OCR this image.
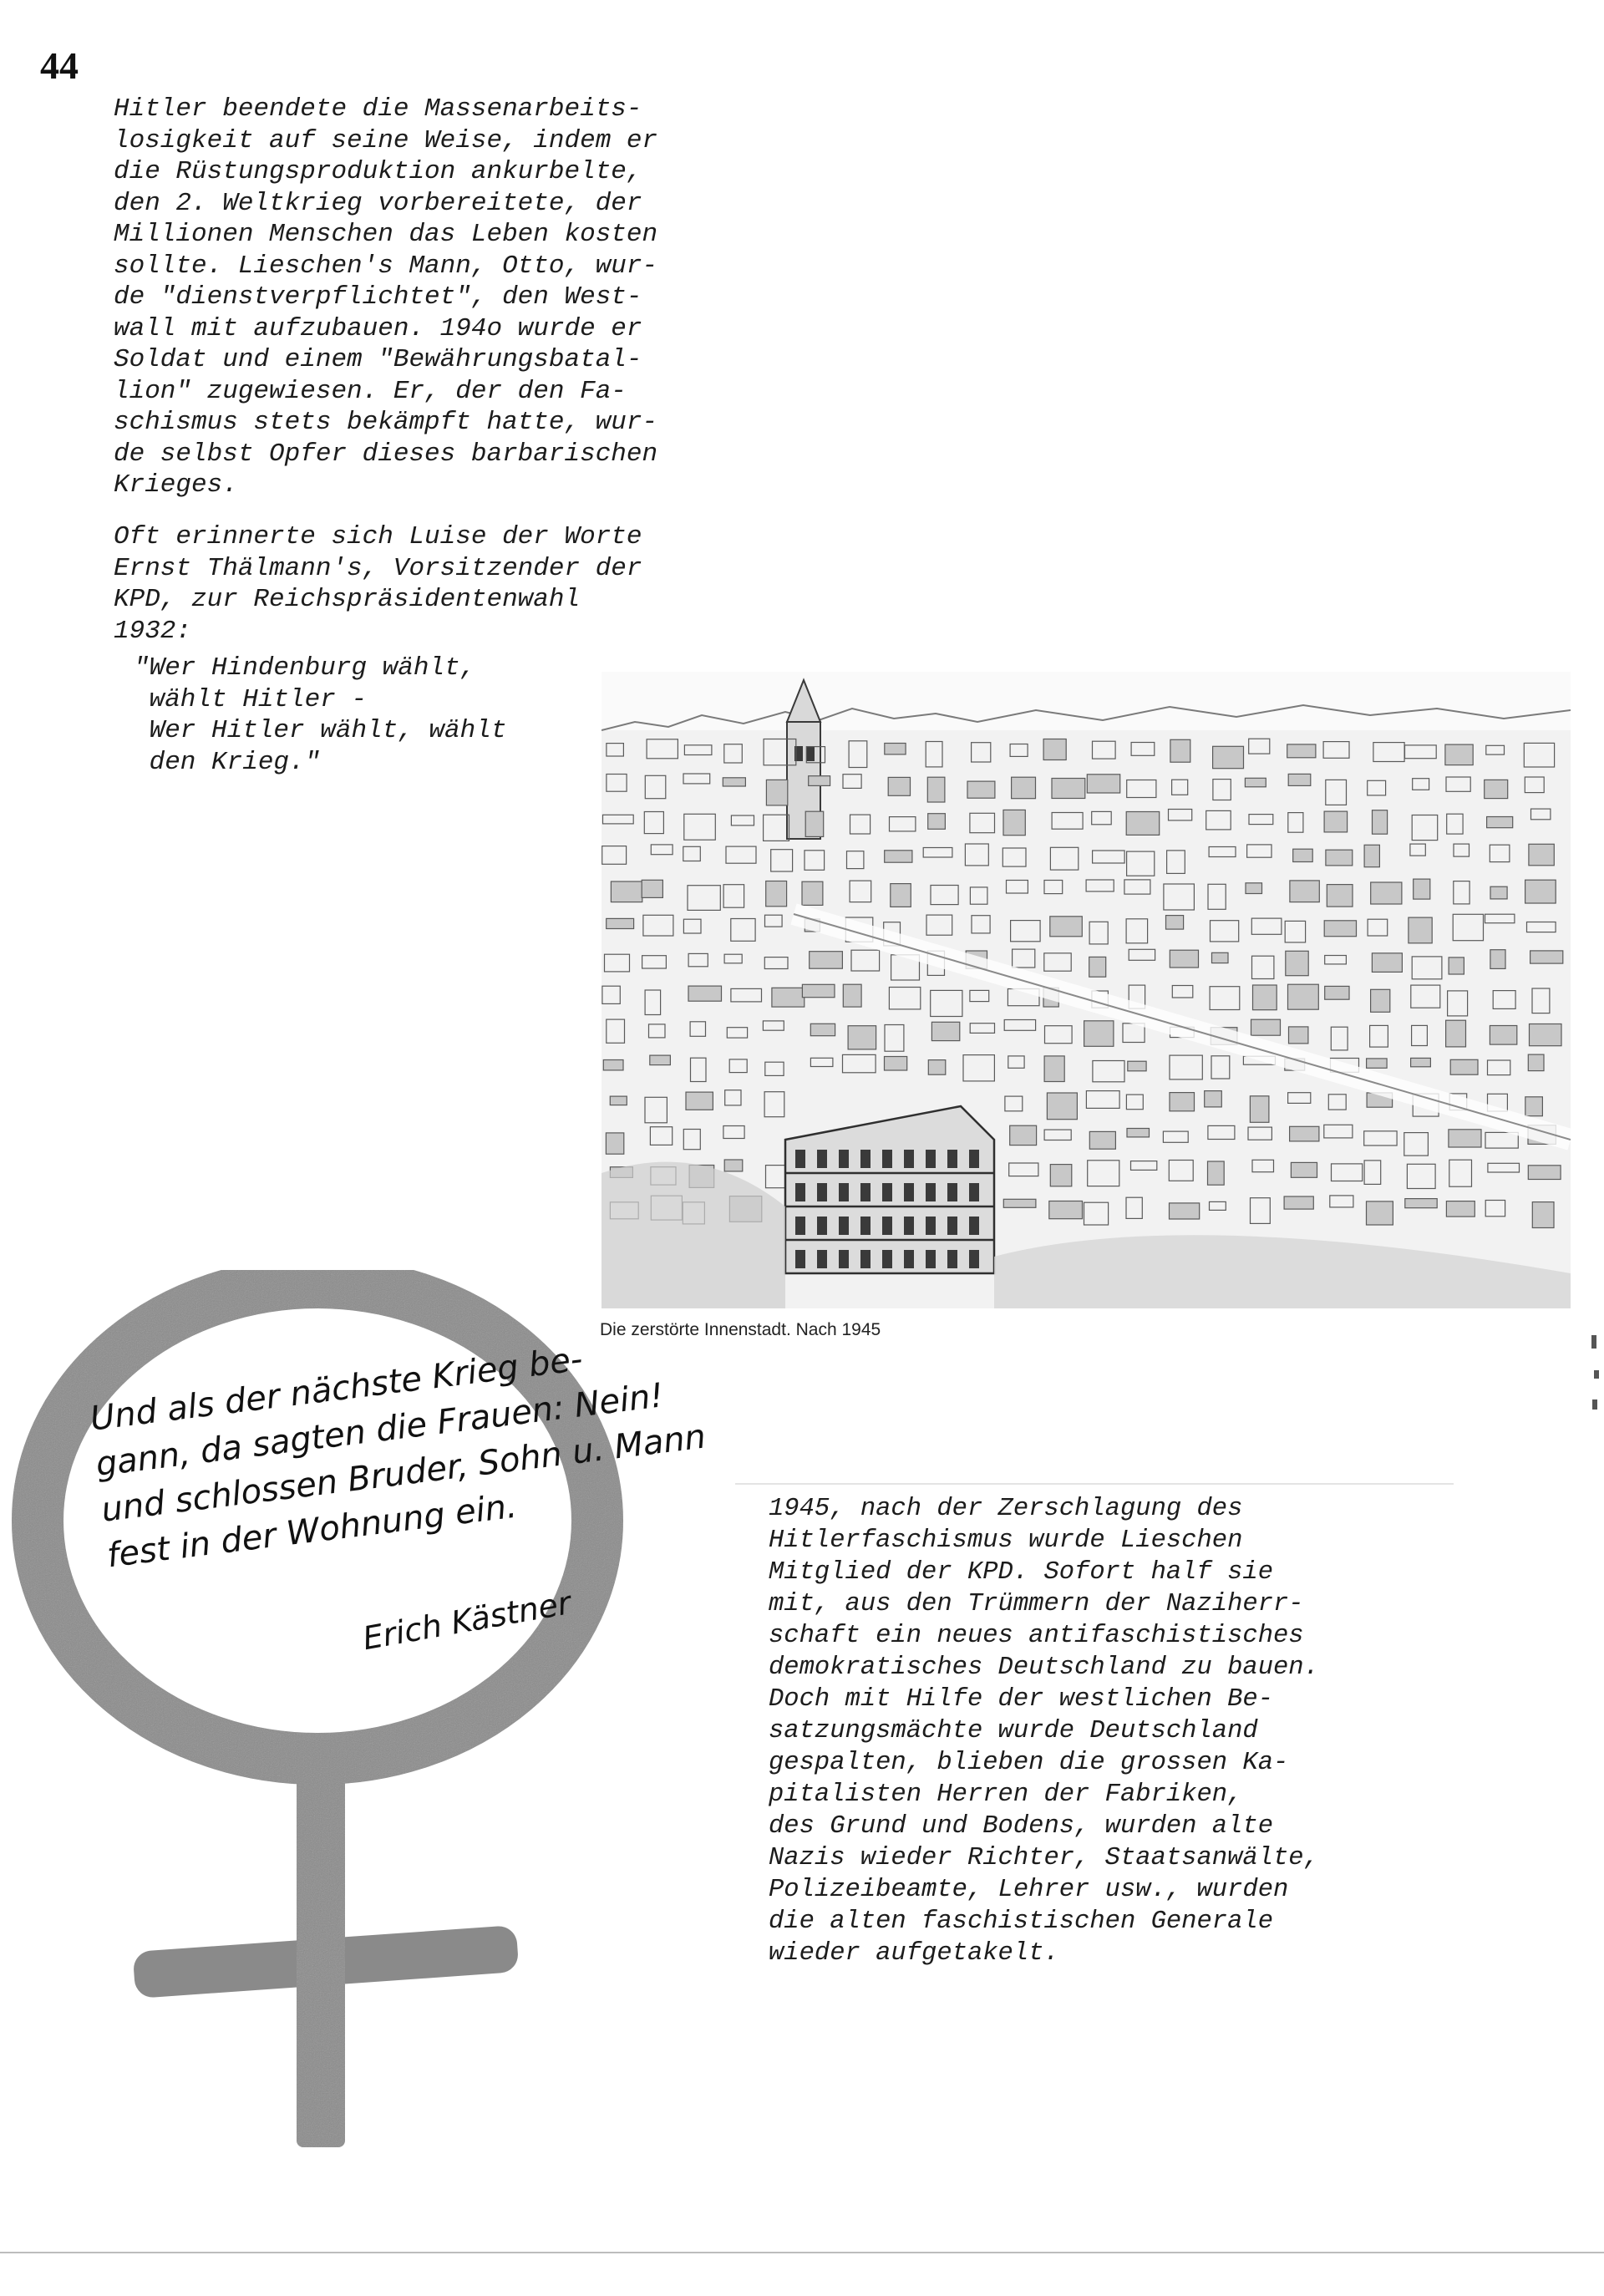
44

Hitler beendete die Massenarbeits-
losigkeit auf seine Weise, indem er
die Rüstungsproduktion ankurbelte,
den 2. Weltkrieg vorbereitete, der
Millionen Menschen das Leben kosten
sollte. Lieschen's Mann, Otto, wur-
de "dienstverpflichtet", den West-
wall mit aufzubauen. 194o wurde er
Soldat und einem "Bewährungsbatal-
lion" zugewiesen. Er, der den Fa-
schismus stets bekämpft hatte, wur-
de selbst Opfer dieses barbarischen
Krieges.

Oft erinnerte sich Luise der Worte
Ernst Thälmann's, Vorsitzender der
KPD, zur Reichspräsidentenwahl
1932:

"Wer Hindenburg wählt,
wählt Hitler -
Wer Hitler wählt, wählt
den Krieg."

Die zerstörte Innenstadt. Nach 1945

Und als der nächste Krieg be-
gann, da sagten die Frauen: Nein!
und schlossen Bruder, Sohn u. Mann
fest in der Wohnung ein.

Erich Kästner

1945, nach der Zerschlagung des
Hitlerfaschismus wurde Lieschen
Mitglied der KPD. Sofort half sie
mit, aus den Trümmern der Naziherr-
schaft ein neues antifaschistisches
demokratisches Deutschland zu bauen.
Doch mit Hilfe der westlichen Be-
satzungsmächte wurde Deutschland
gespalten, blieben die grossen Ka-
pitalisten Herren der Fabriken,
des Grund und Bodens, wurden alte
Nazis wieder Richter, Staatsanwälte,
Polizeibeamte, Lehrer usw., wurden
die alten faschistischen Generale
wieder aufgetakelt.
